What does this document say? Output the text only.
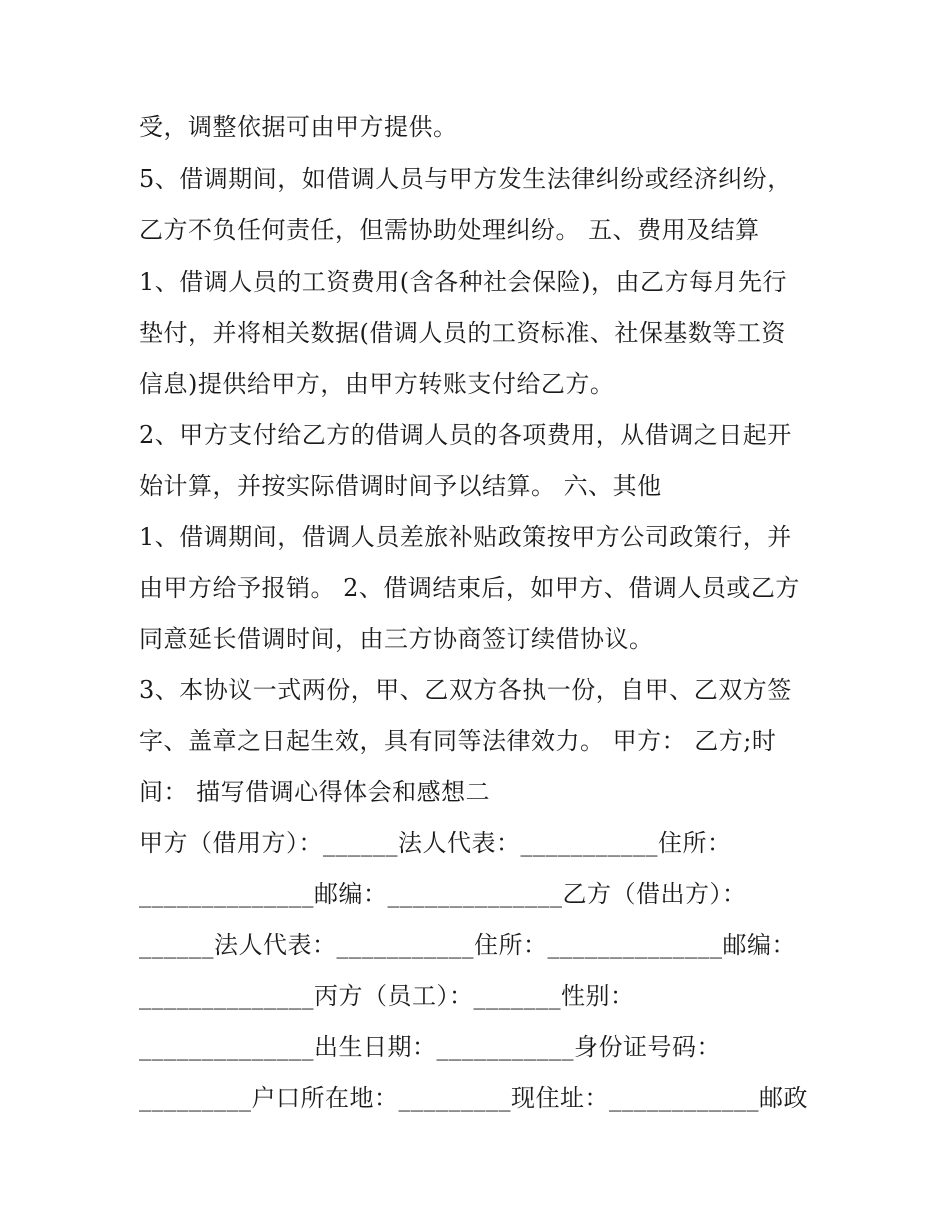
受，调整依据可由甲方提供。
5、借调期间，如借调人员与甲方发生法律纠纷或经济纠纷，
乙方不负任何责任，但需协助处理纠纷。 五、费用及结算
1、借调人员的工资费用(含各种社会保险)，由乙方每月先行
垫付，并将相关数据(借调人员的工资标准、社保基数等工资
信息)提供给甲方，由甲方转账支付给乙方。
2、甲方支付给乙方的借调人员的各项费用，从借调之日起开
始计算，并按实际借调时间予以结算。 六、其他
1、借调期间，借调人员差旅补贴政策按甲方公司政策行，并
由甲方给予报销。 2、借调结束后，如甲方、借调人员或乙方
同意延长借调时间，由三方协商签订续借协议。
3、本协议一式两份，甲、乙双方各执一份，自甲、乙双方签
字、盖章之日起生效，具有同等法律效力。 甲方： 乙方;时
间： 描写借调心得体会和感想二
甲方（借用方）：______法人代表：___________住所：
______________邮编：______________乙方（借出方）：
______法人代表：___________住所：______________邮编：
______________丙方（员工）：_______性别：
______________出生日期：___________身份证号码：
_________户口所在地：_________现住址：____________邮政
